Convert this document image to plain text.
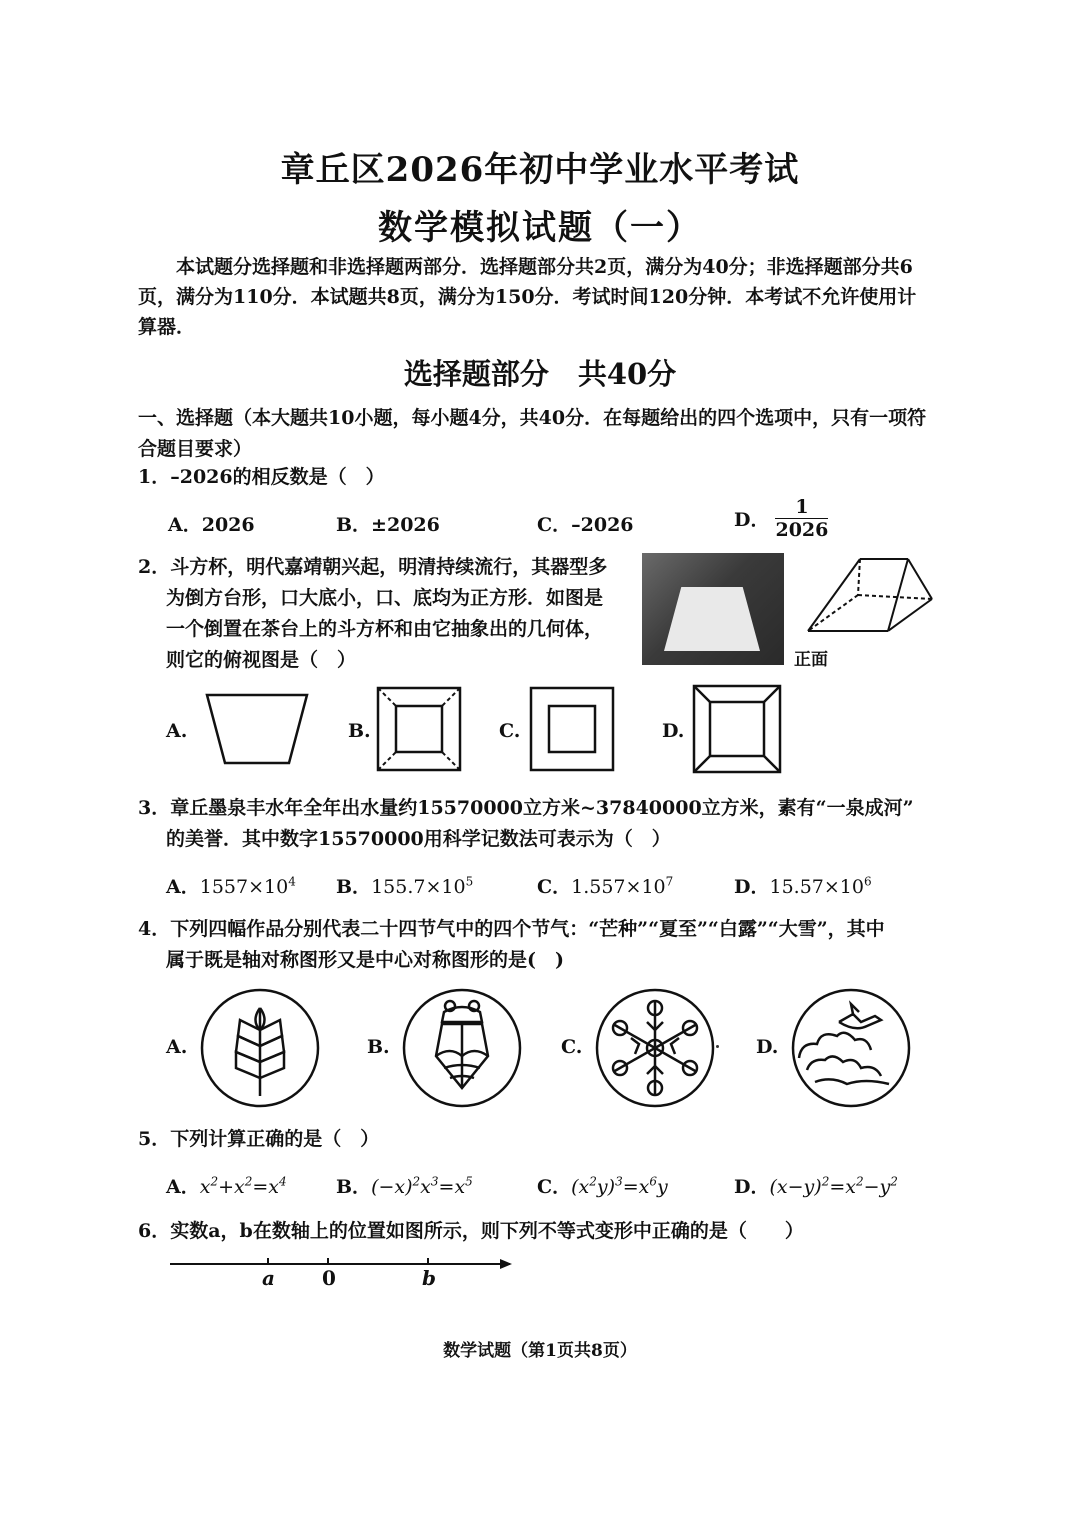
章丘区2026年初中学业水平考试
数学模拟试题（一）
本试题分选择题和非选择题两部分．选择题部分共2页，满分为40分；非选择题部分共6页，满分为110分．本试题共8页，满分为150分．考试时间120分钟．本考试不允许使用计算器．
选择题部分　共40分
一、选择题（本大题共10小题，每小题4分，共40分．在每题给出的四个选项中，只有一项符合题目要求）
1．–2026的相反数是（　）
A．2026	B．±2026	C．–2026	D． $\frac{1}{2026}$
2．斗方杯，明代嘉靖朝兴起，明清持续流行，其器型多
为倒方台形，口大底小，口、底均为正方形．如图是
一个倒置在茶台上的斗方杯和由它抽象出的几何体，
则它的俯视图是（　）	正面
A.	B.	C.	D.
3．章丘墨泉丰水年全年出水量约15570000立方米~37840000立方米，素有“一泉成河”
的美誉．其中数字15570000用科学记数法可表示为（　）
A．$1557\times 10^4$ B．$155.7\times 10^5$	C．$1.557\times 10^7$	D．$15.57\times 10^6$
4．下列四幅作品分别代表二十四节气中的四个节气：“芒种”“夏至”“白露”“大雪”，其中
属于既是轴对称图形又是中心对称图形的是(　)
A.	B.	C.	D.
5．下列计算正确的是（　）
A．$x^2+x^2=x^4$	B．$(-x)^2x^3=x^5$	C．$(x^2y)^3=x^6y$	D．$(x-y)^2=x^2-y^2$
6．实数a，b在数轴上的位置如图所示，则下列不等式变形中正确的是（　　）
a 0	b
数学试题（第1页共8页）
